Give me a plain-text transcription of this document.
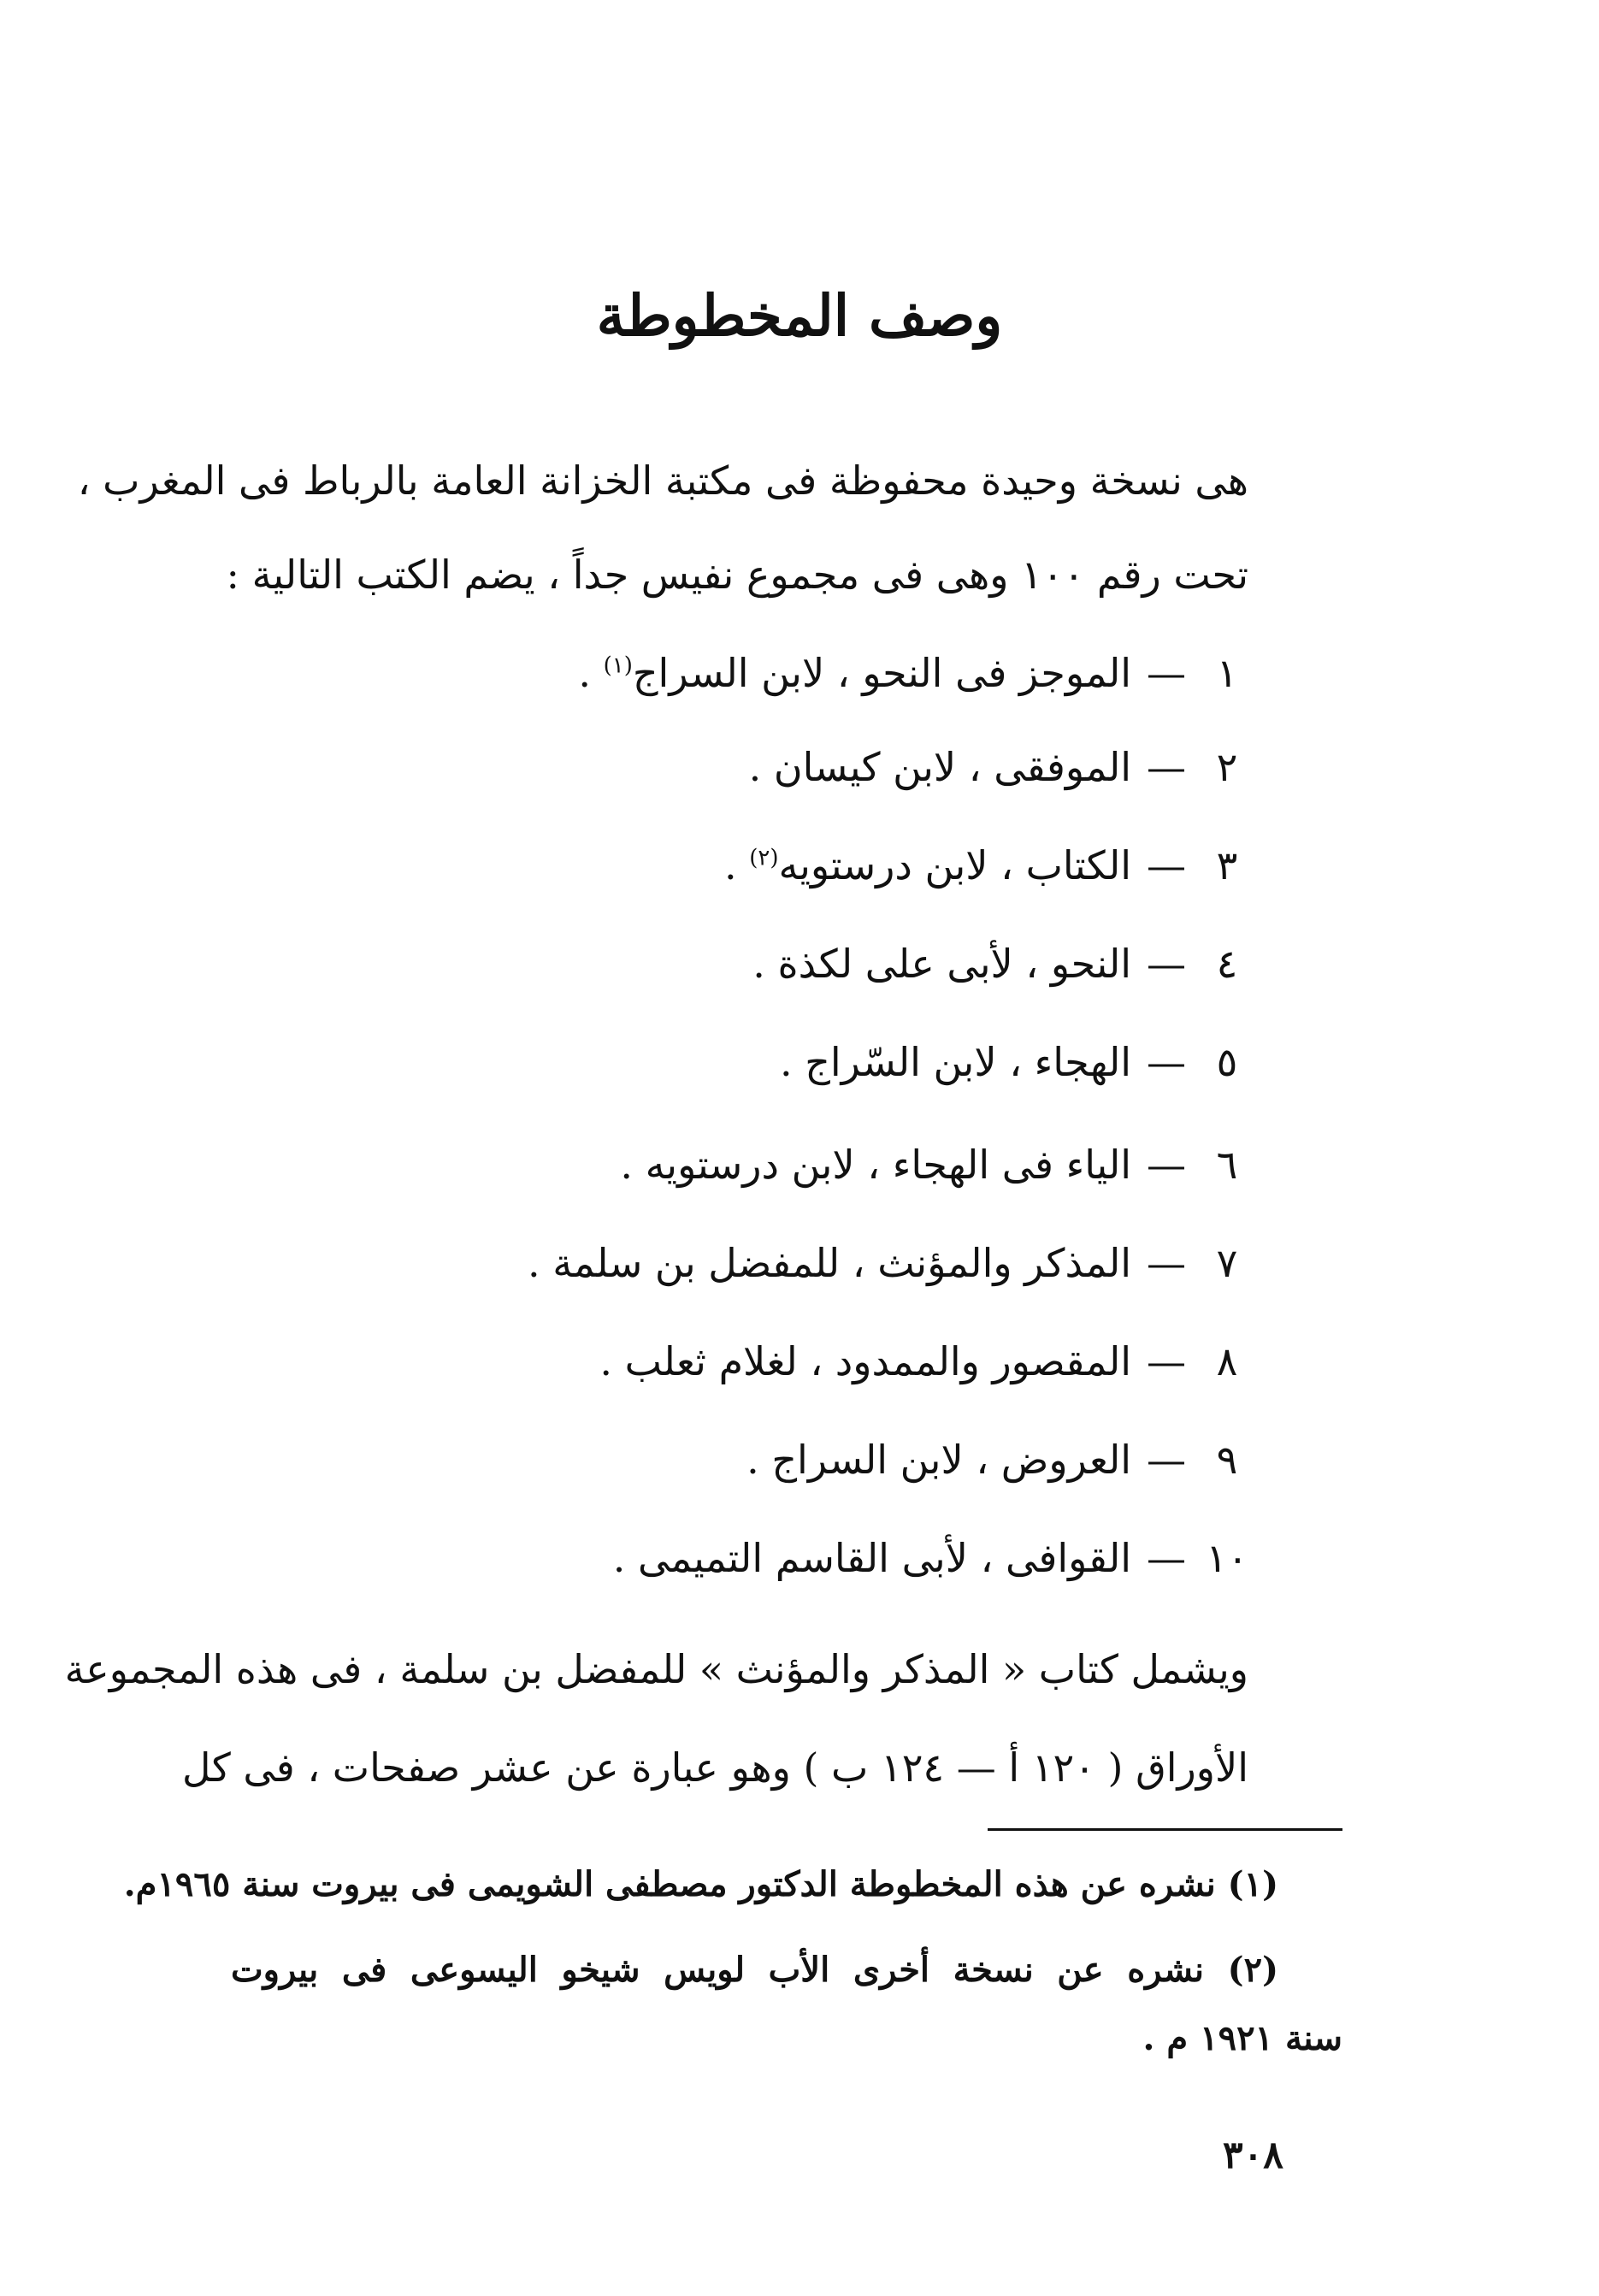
وصف المخطوطة
هى نسخة وحيدة محفوظة فى مكتبة الخزانة العامة بالرباط فى المغرب ،
تحت رقم ١٠٠ وهى فى مجموع نفيس جداً ، يضم الكتب التالية :
١—الموجز فى النحو ، لابن السراج$^{(١)}$ .
٢—الموفقى ، لابن كيسان .
٣—الكتاب ، لابن درستويه$^{(٢)}$ .
٤—النحو ، لأبى على لكذة .
٥—الهجاء ، لابن السّراج .
٦—الياء فى الهجاء ، لابن درستويه .
٧—المذكر والمؤنث ، للمفضل بن سلمة .
٨—المقصور والممدود ، لغلام ثعلب .
٩—العروض ، لابن السراج .
١٠—القوافى ، لأبى القاسم التميمى .
ويشمل كتاب « المذكر والمؤنث » للمفضل بن سلمة ، فى هذه المجموعة
الأوراق ( ١٢٠ أ — ١٢٤ ب ) وهو عبارة عن عشر صفحات ، فى كل
(١) نشره عن هذه المخطوطة الدكتور مصطفى الشويمى فى بيروت سنة ١٩٦٥م.
(٢) نشره عن نسخة أخرى الأب لويس شيخو اليسوعى فى بيروت
سنة ١٩٢١ م .
٣٠٨
